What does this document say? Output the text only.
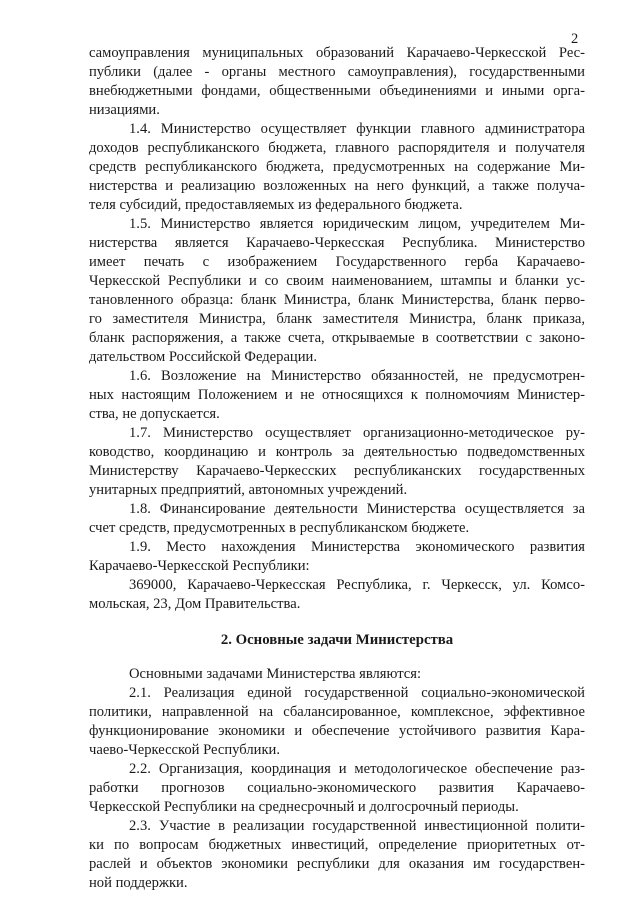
2
самоуправления муниципальных образований Карачаево-Черкесской Рес-
публики (далее - органы местного самоуправления), государственными
внебюджетными фондами, общественными объединениями и иными орга-
низациями.
1.4. Министерство осуществляет функции главного администратора
доходов республиканского бюджета, главного распорядителя и получателя
средств республиканского бюджета, предусмотренных на содержание Ми-
нистерства и реализацию возложенных на него функций, а также получа-
теля субсидий, предоставляемых из федерального бюджета.
1.5. Министерство является юридическим лицом, учредителем Ми-
нистерства является Карачаево-Черкесская Республика. Министерство
имеет печать с изображением Государственного герба Карачаево-
Черкесской Республики и со своим наименованием, штампы и бланки ус-
тановленного образца: бланк Министра, бланк Министерства, бланк перво-
го заместителя Министра, бланк заместителя Министра, бланк приказа,
бланк распоряжения, а также счета, открываемые в соответствии с законо-
дательством Российской Федерации.
1.6. Возложение на Министерство обязанностей, не предусмотрен-
ных настоящим Положением и не относящихся к полномочиям Министер-
ства, не допускается.
1.7. Министерство осуществляет организационно-методическое ру-
ководство, координацию и контроль за деятельностью подведомственных
Министерству Карачаево-Черкесских республиканских государственных
унитарных предприятий, автономных учреждений.
1.8. Финансирование деятельности Министерства осуществляется за
счет средств, предусмотренных в республиканском бюджете.
1.9. Место нахождения Министерства экономического развития
Карачаево-Черкесской Республики:
369000, Карачаево-Черкесская Республика, г. Черкесск, ул. Комсо-
мольская, 23, Дом Правительства.
2. Основные задачи Министерства
Основными задачами Министерства являются:
2.1. Реализация единой государственной социально-экономической
политики, направленной на сбалансированное, комплексное, эффективное
функционирование экономики и обеспечение устойчивого развития Кара-
чаево-Черкесской Республики.
2.2. Организация, координация и методологическое обеспечение раз-
работки прогнозов социально-экономического развития Карачаево-
Черкесской Республики на среднесрочный и долгосрочный периоды.
2.3. Участие в реализации государственной инвестиционной полити-
ки по вопросам бюджетных инвестиций, определение приоритетных от-
раслей и объектов экономики республики для оказания им государствен-
ной поддержки.
